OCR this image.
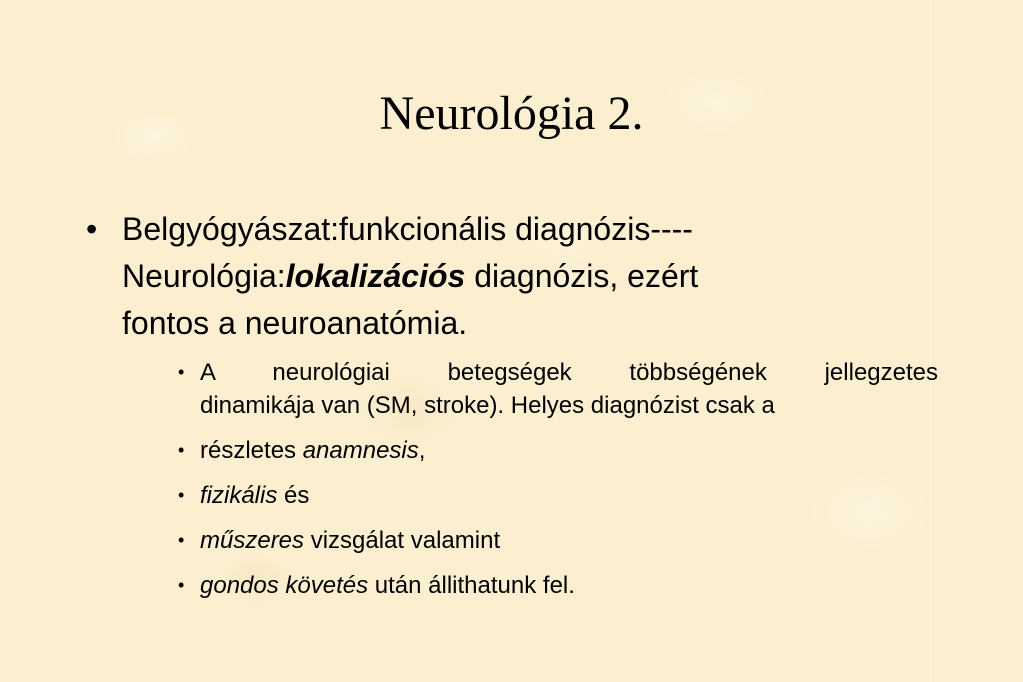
Neurológia 2.
• Belgyógyászat:funkcionális diagnózis----
Neurológia:lokalizációs diagnózis, ezért
fontos a neuroanatómia.
• A neurológiai betegségek többségének jellegzetes
dinamikája van (SM, stroke). Helyes diagnózist csak a
• részletes anamnesis,
• fizikális és
• műszeres vizsgálat valamint
• gondos követés után állithatunk fel.
